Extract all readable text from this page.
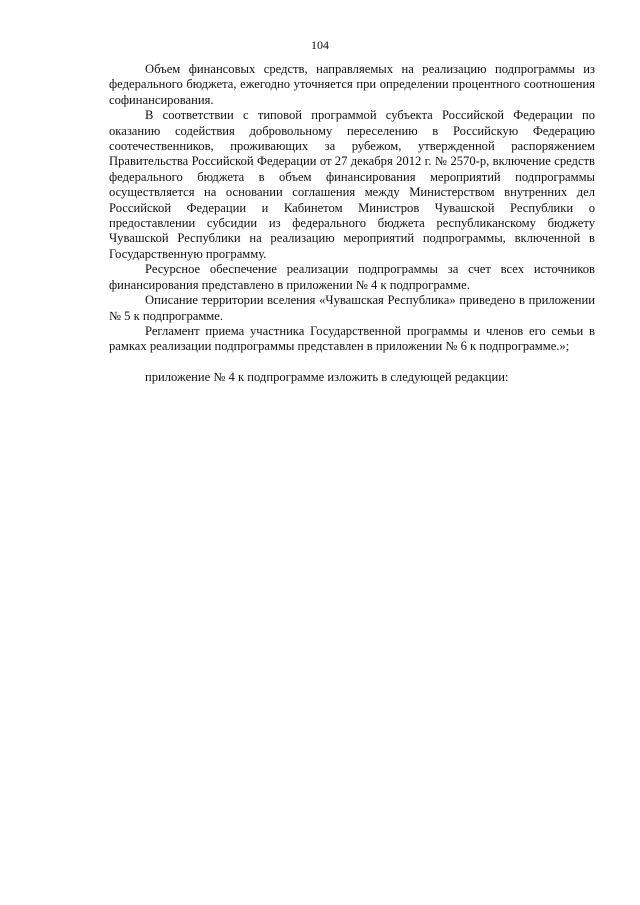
104

Объем финансовых средств, направляемых на реализацию подпрограммы из федерального бюджета, ежегодно уточняется при определении процентного соотношения софинансирования.

В соответствии с типовой программой субъекта Российской Федерации по оказанию содействия добровольному переселению в Российскую Федерацию соотечественников, проживающих за рубежом, утвержденной распоряжением Правительства Российской Федерации от 27 декабря 2012 г. № 2570-р, включение средств федерального бюджета в объем финансирования мероприятий подпрограммы осуществляется на основании соглашения между Министерством внутренних дел Российской Федерации и Кабинетом Министров Чувашской Республики о предоставлении субсидии из федерального бюджета республиканскому бюджету Чувашской Республики на реализацию мероприятий подпрограммы, включенной в Государственную программу.

Ресурсное обеспечение реализации подпрограммы за счет всех источников финансирования представлено в приложении № 4 к подпрограмме.

Описание территории вселения «Чувашская Республика» приведено в приложении № 5 к подпрограмме.

Регламент приема участника Государственной программы и членов его семьи в рамках реализации подпрограммы представлен в приложении № 6 к подпрограмме.»;

приложение № 4 к подпрограмме изложить в следующей редакции:
